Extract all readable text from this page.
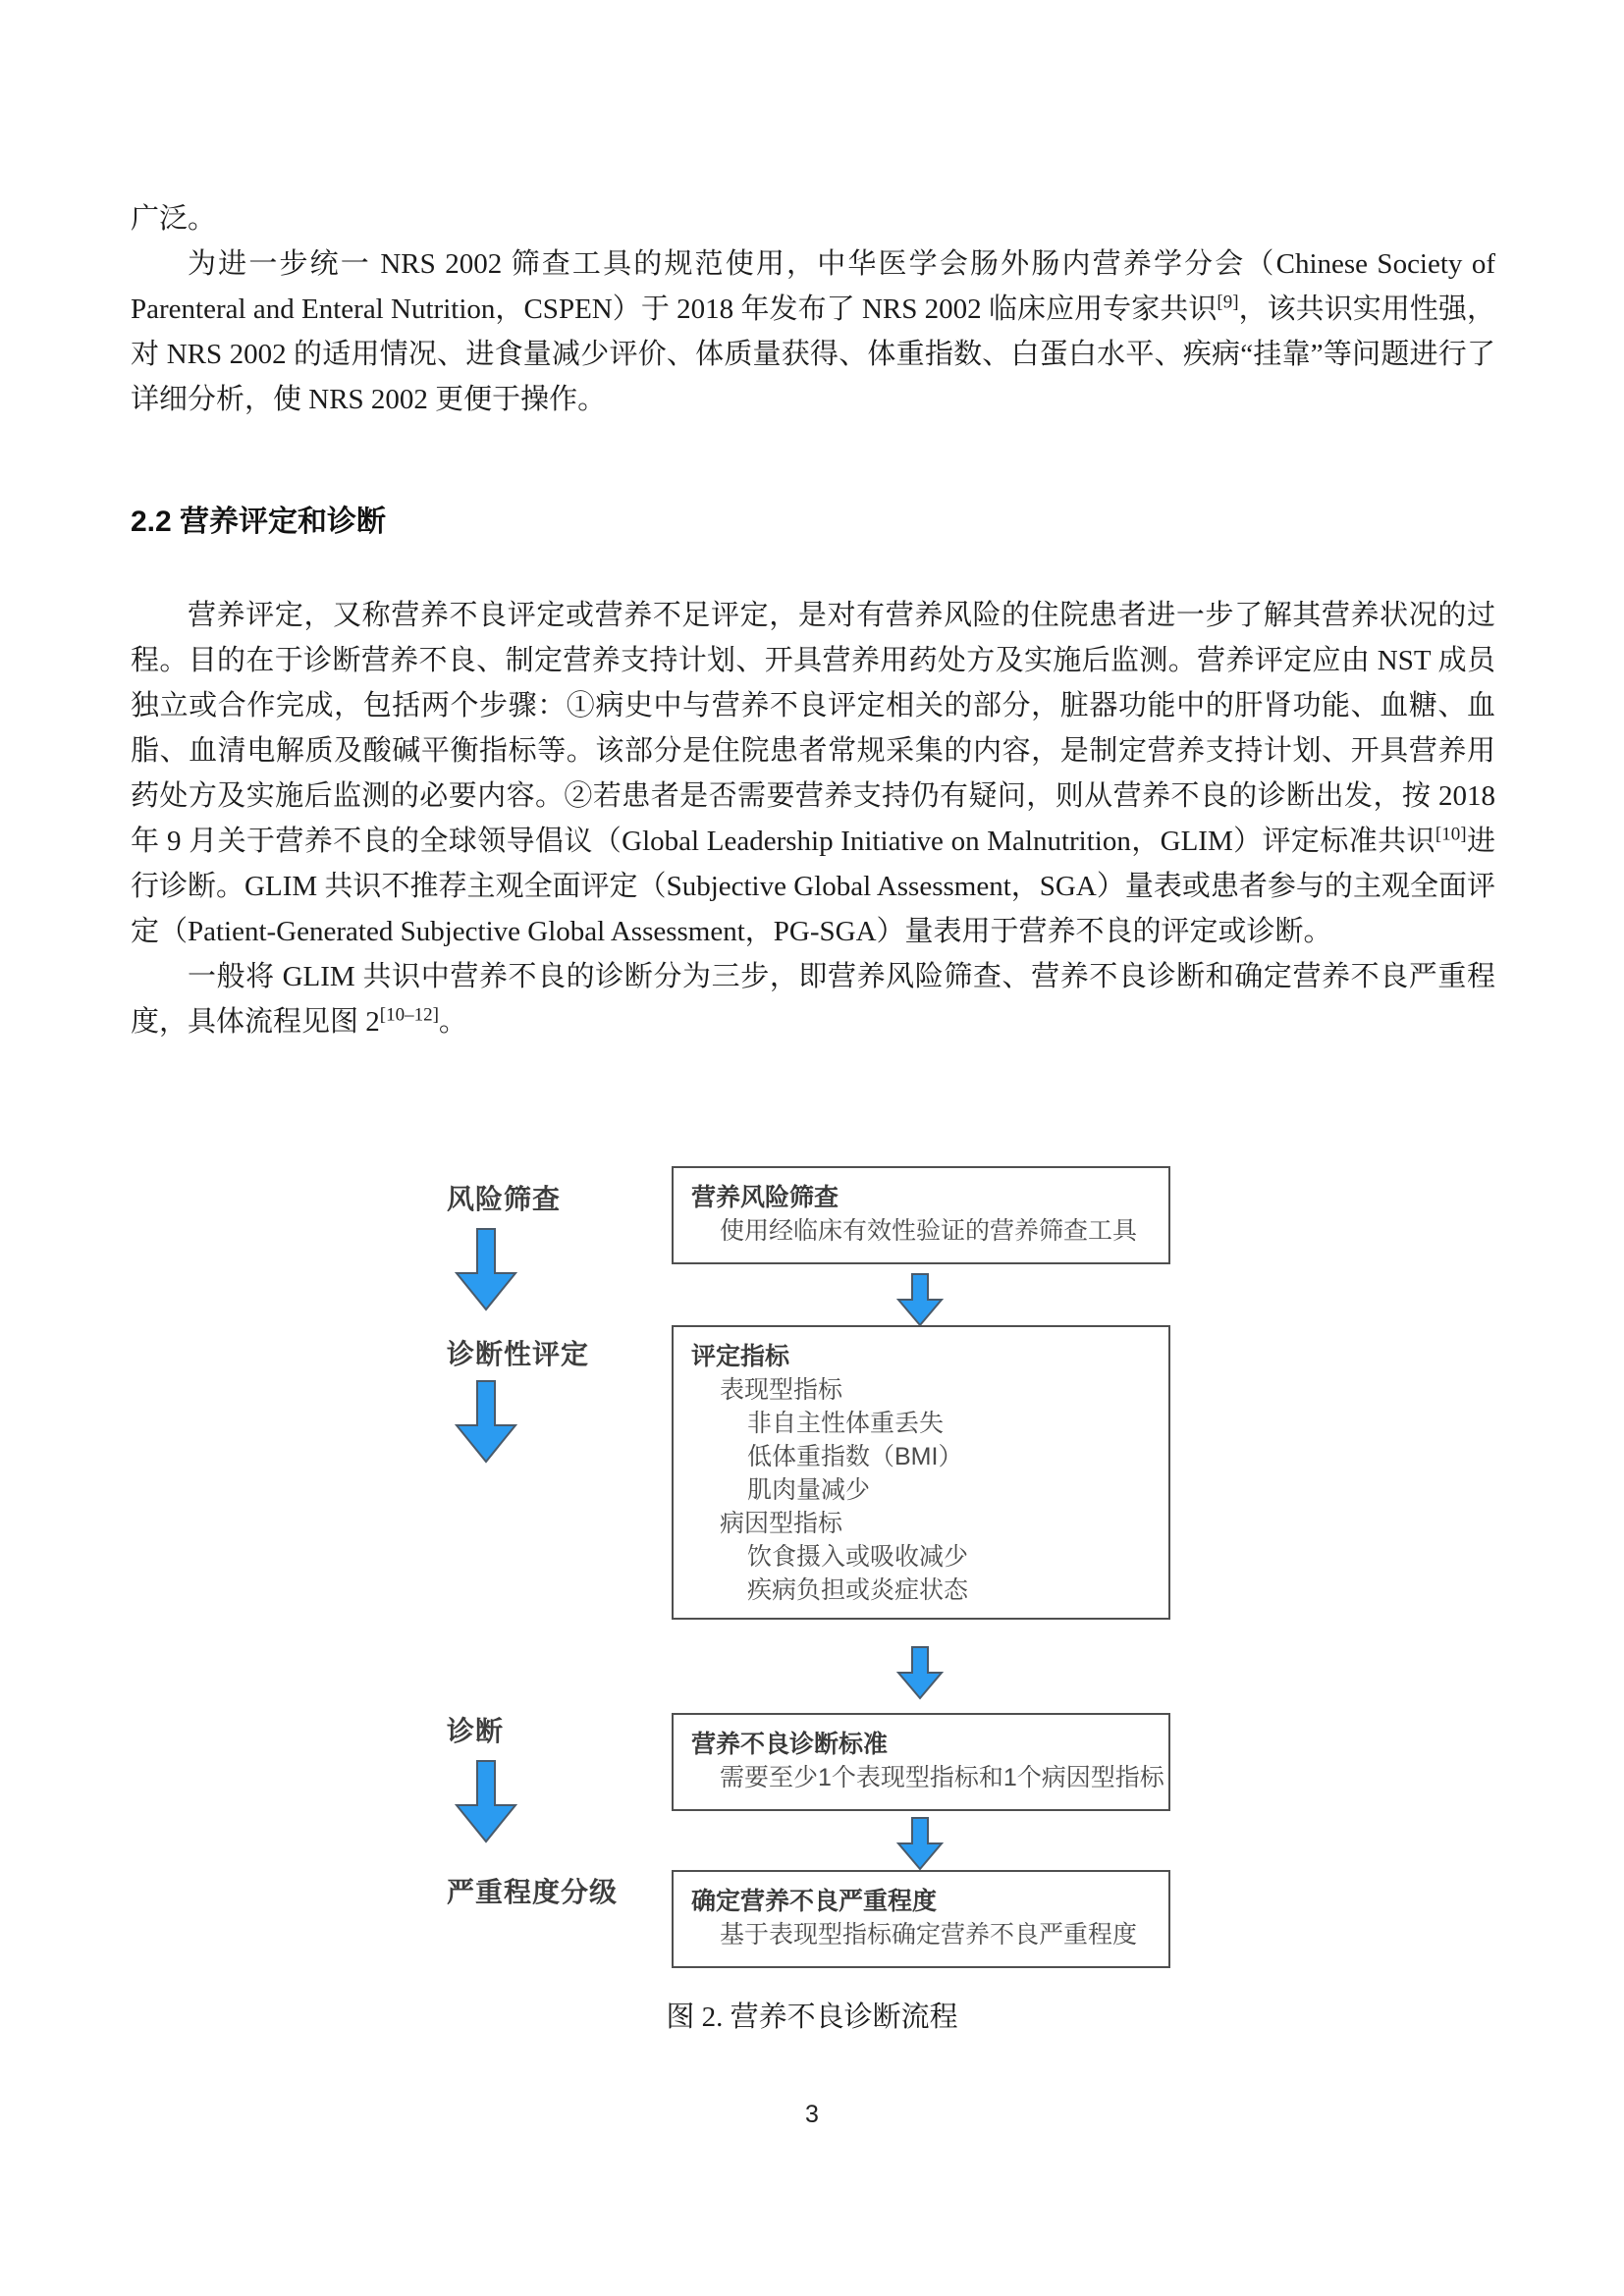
广泛。

为进一步统一 NRS 2002 筛查工具的规范使用，中华医学会肠外肠内营养学分会（Chinese Society of Parenteral and Enteral Nutrition，CSPEN）于 2018 年发布了 NRS 2002 临床应用专家共识[9]，该共识实用性强，对 NRS 2002 的适用情况、进食量减少评价、体质量获得、体重指数、白蛋白水平、疾病“挂靠”等问题进行了详细分析，使 NRS 2002 更便于操作。

2.2 营养评定和诊断

营养评定，又称营养不良评定或营养不足评定，是对有营养风险的住院患者进一步了解其营养状况的过程。目的在于诊断营养不良、制定营养支持计划、开具营养用药处方及实施后监测。营养评定应由 NST 成员独立或合作完成，包括两个步骤：①病史中与营养不良评定相关的部分，脏器功能中的肝肾功能、血糖、血脂、血清电解质及酸碱平衡指标等。该部分是住院患者常规采集的内容，是制定营养支持计划、开具营养用药处方及实施后监测的必要内容。②若患者是否需要营养支持仍有疑问，则从营养不良的诊断出发，按 2018 年 9 月关于营养不良的全球领导倡议（Global Leadership Initiative on Malnutrition，GLIM）评定标准共识[10]进行诊断。GLIM 共识不推荐主观全面评定（Subjective Global Assessment，SGA）量表或患者参与的主观全面评定（Patient-Generated Subjective Global Assessment，PG-SGA）量表用于营养不良的评定或诊断。

一般将 GLIM 共识中营养不良的诊断分为三步，即营养风险筛查、营养不良诊断和确定营养不良严重程度，具体流程见图 2[10–12]。

风险筛查
诊断性评定
诊断
严重程度分级
营养风险筛查
使用经临床有效性验证的营养筛查工具
评定指标
表现型指标
非自主性体重丢失
低体重指数（BMI）
肌肉量减少
病因型指标
饮食摄入或吸收减少
疾病负担或炎症状态
营养不良诊断标准
需要至少1个表现型指标和1个病因型指标
确定营养不良严重程度
基于表现型指标确定营养不良严重程度
图 2. 营养不良诊断流程
3
